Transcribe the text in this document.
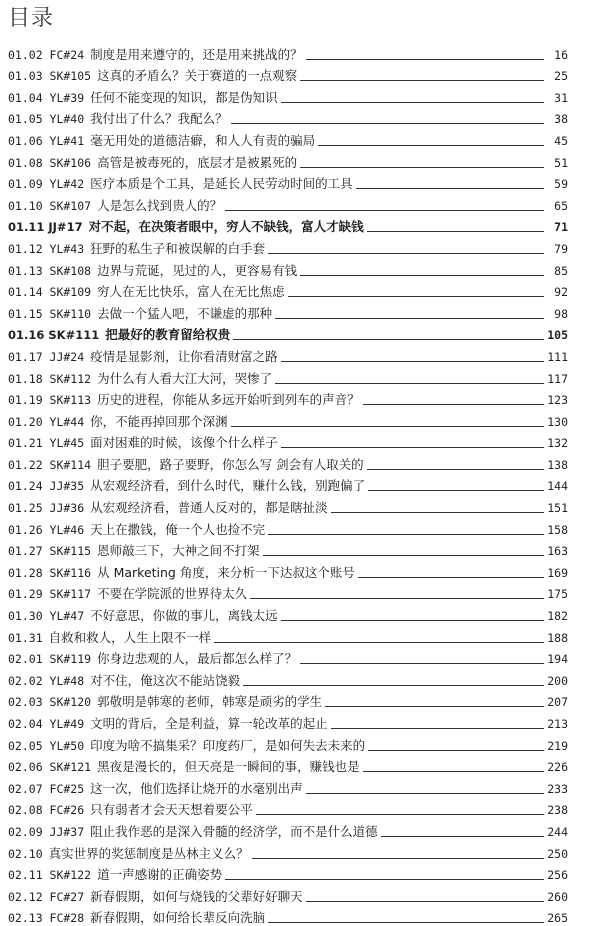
目录
01.02 FC#24 制度是用来遵守的，还是用来挑战的？	16
01.03 SK#105 这真的矛盾么？关于赛道的一点观察	25
01.04 YL#39 任何不能变现的知识，都是伪知识	31
01.05 YL#40 我付出了什么？我配么？	38
01.06 YL#41 毫无用处的道德洁癖，和人人有责的骗局	45
01.08 SK#106 高管是被毒死的，底层才是被累死的	51
01.09 YL#42 医疗本质是个工具，是延长人民劳动时间的工具	59
01.10 SK#107 人是怎么找到贵人的？	65
01.11 JJ#17 对不起，在决策者眼中，穷人不缺钱，富人才缺钱	71
01.12 YL#43 狂野的私生子和被误解的白手套	79
01.13 SK#108 边界与荒诞，见过的人，更容易有钱	85
01.14 SK#109 穷人在无比快乐，富人在无比焦虑	92
01.15 SK#110 去做一个猛人吧，不谦虚的那种	98
01.16 SK#111 把最好的教育留给权贵	105
01.17 JJ#24 疫情是显影剂，让你看清财富之路	111
01.18 SK#112 为什么有人看大江大河，哭惨了	117
01.19 SK#113 历史的进程，你能从多远开始听到列车的声音？	123
01.20 YL#44 你，不能再掉回那个深渊	130
01.21 YL#45 面对困难的时候，该像个什么样子	132
01.22 SK#114 胆子要肥，路子要野，你怎么写 剑会有人取关的	138
01.24 JJ#35 从宏观经济看，到什么时代，赚什么钱，别跑偏了	144
01.25 JJ#36 从宏观经济看，普通人反对的，都是瞎扯淡	151
01.26 YL#46 天上在撒钱，俺一个人也捡不完	158
01.27 SK#115 恩师敲三下，大神之间不打架	163
01.28 SK#116 从 Marketing 角度，来分析一下达叔这个账号	169
01.29 SK#117 不要在学院派的世界待太久	175
01.30 YL#47 不好意思，你做的事儿，离钱太远	182
01.31 自救和救人，人生上限不一样	188
02.01 SK#119 你身边悲观的人，最后都怎么样了？	194
02.02 YL#48 对不住，俺这次不能站饶毅	200
02.03 SK#120 郭敬明是韩寒的老师，韩寒是顽劣的学生	207
02.04 YL#49 文明的背后，全是利益，算一轮改革的起止	213
02.05 YL#50 印度为啥不搞集采？印度药厂，是如何失去未来的	219
02.06 SK#121 黑夜是漫长的，但天亮是一瞬间的事，赚钱也是	226
02.07 FC#25 这一次，他们选择让烧开的水毫别出声	233
02.08 FC#26 只有弱者才会天天想着要公平	238
02.09 JJ#37 阻止我作恶的是深入骨髓的经济学，而不是什么道德	244
02.10 真实世界的奖惩制度是丛林主义么？	250
02.11 SK#122 道一声感谢的正确姿势	256
02.12 FC#27 新春假期，如何与烧钱的父辈好好聊天	260
02.13 FC#28 新春假期，如何给长辈反向洗脑	265
